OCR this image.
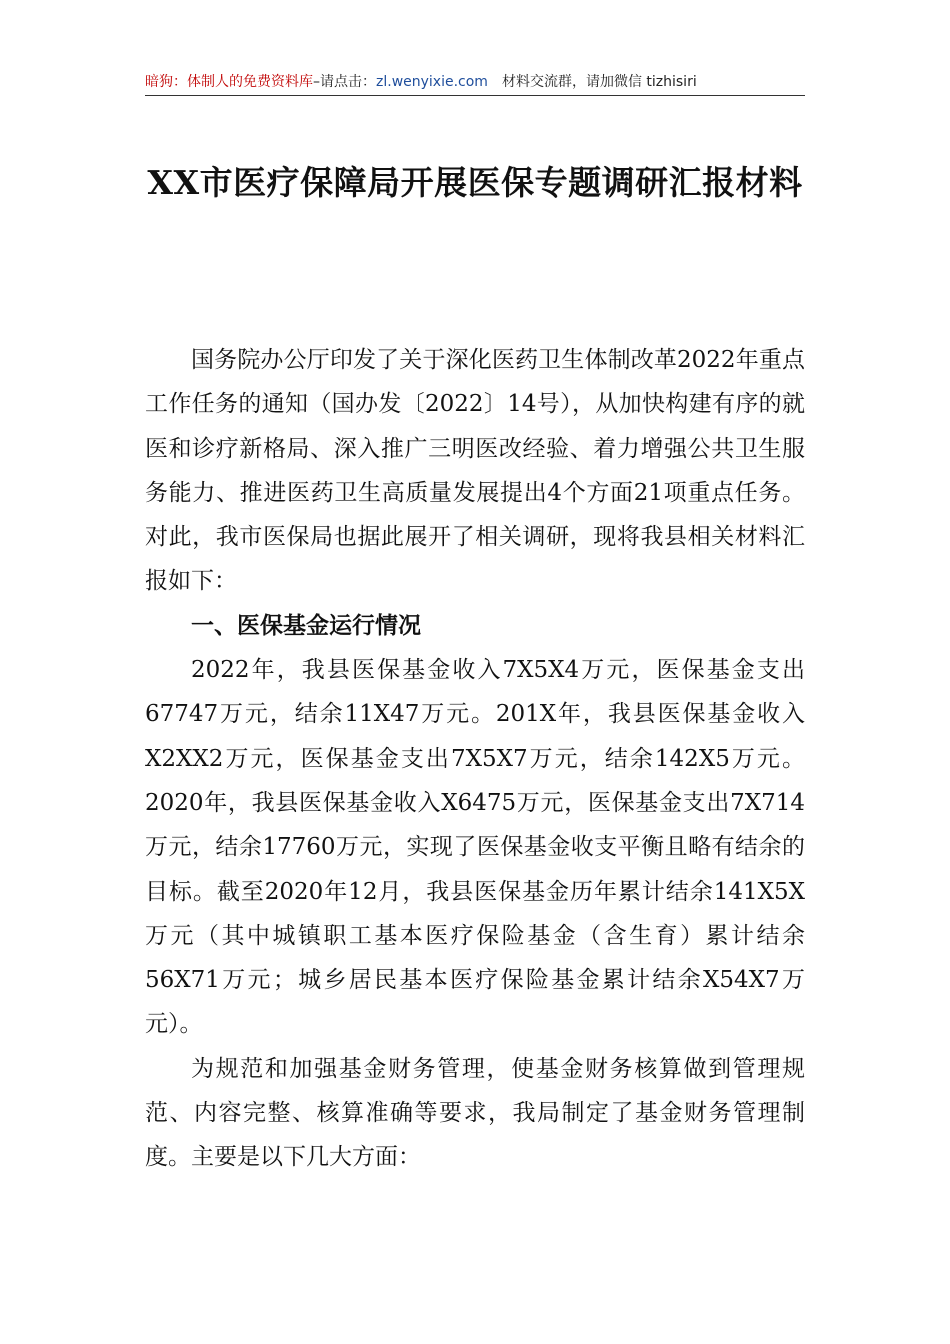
暗狗：体制人的免费资料库–请点击：zl.wenyixie.com 材料交流群，请加微信 tizhisiri
XX市医疗保障局开展医保专题调研汇报材料

国务院办公厅印发了关于深化医药卫生体制改革2022年重点工作任务的通知（国办发〔2022〕14号），从加快构建有序的就医和诊疗新格局、深入推广三明医改经验、着力增强公共卫生服务能力、推进医药卫生高质量发展提出4个方面21项重点任务。对此，我市医保局也据此展开了相关调研，现将我县相关材料汇报如下：

一、医保基金运行情况

2022年，我县医保基金收入7X5X4万元，医保基金支出67747万元，结余11X47万元。201X年，我县医保基金收入X2XX2万元，医保基金支出7X5X7万元，结余142X5万元。2020年，我县医保基金收入X6475万元，医保基金支出7X714万元，结余17760万元，实现了医保基金收支平衡且略有结余的目标。截至2020年12月，我县医保基金历年累计结余141X5X万元（其中城镇职工基本医疗保险基金（含生育）累计结余56X71万元；城乡居民基本医疗保险基金累计结余X54X7万元）。

为规范和加强基金财务管理，使基金财务核算做到管理规范、内容完整、核算准确等要求，我局制定了基金财务管理制度。主要是以下几大方面：
